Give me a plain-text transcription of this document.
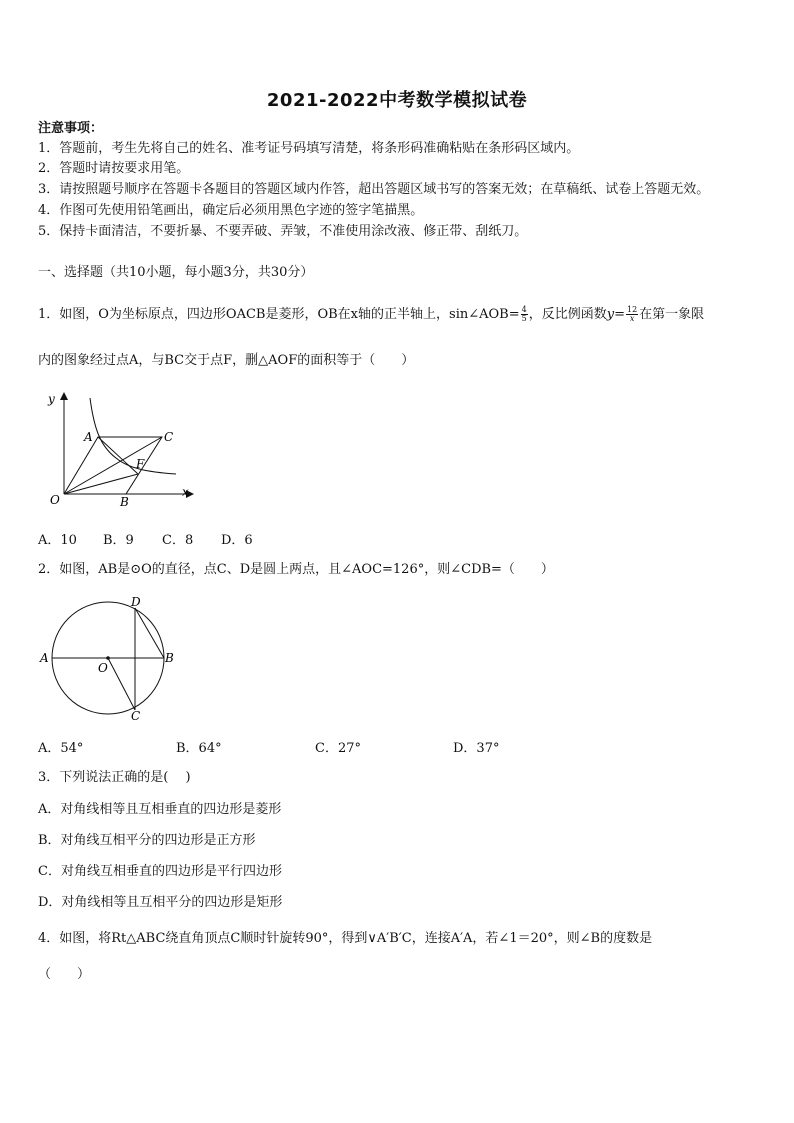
2021-2022中考数学模拟试卷
注意事项：
1．答题前，考生先将自己的姓名、准考证号码填写清楚，将条形码准确粘贴在条形码区域内。
2．答题时请按要求用笔。
3．请按照题号顺序在答题卡各题目的答题区域内作答，超出答题区域书写的答案无效；在草稿纸、试卷上答题无效。
4．作图可先使用铅笔画出，确定后必须用黑色字迹的签字笔描黑。
5．保持卡面清洁，不要折暴、不要弄破、弄皱，不准使用涂改液、修正带、刮纸刀。
一、选择题（共10小题，每小题3分，共30分）
1．如图，O为坐标原点，四边形OACB是菱形，OB在x轴的正半轴上，sin∠AOB= $\frac{4}{5}$ ，反比例函数$y= \frac{12}{x}$ 在第一象限
内的图象经过点A，与BC交于点F，删△AOF的面积等于（　　）
y
x
O
A	C
F
B
A．10 B．9 C．8 D．6
2．如图，AB是⊙O的直径，点C、D是圆上两点，且∠AOC=126°，则∠CDB=（　　）
A	B
D
C
O
A．54°	B．64°	C．27°	D．37°
3．下列说法正确的是(　 )
A．对角线相等且互相垂直的四边形是菱形
B．对角线互相平分的四边形是正方形
C．对角线互相垂直的四边形是平行四边形
D．对角线相等且互相平分的四边形是矩形
4．如图，将Rt△ABC绕直角顶点C顺时针旋转90°，得到∨A′B′C，连接A′A，若∠1＝20°，则∠B的度数是
（　　）
